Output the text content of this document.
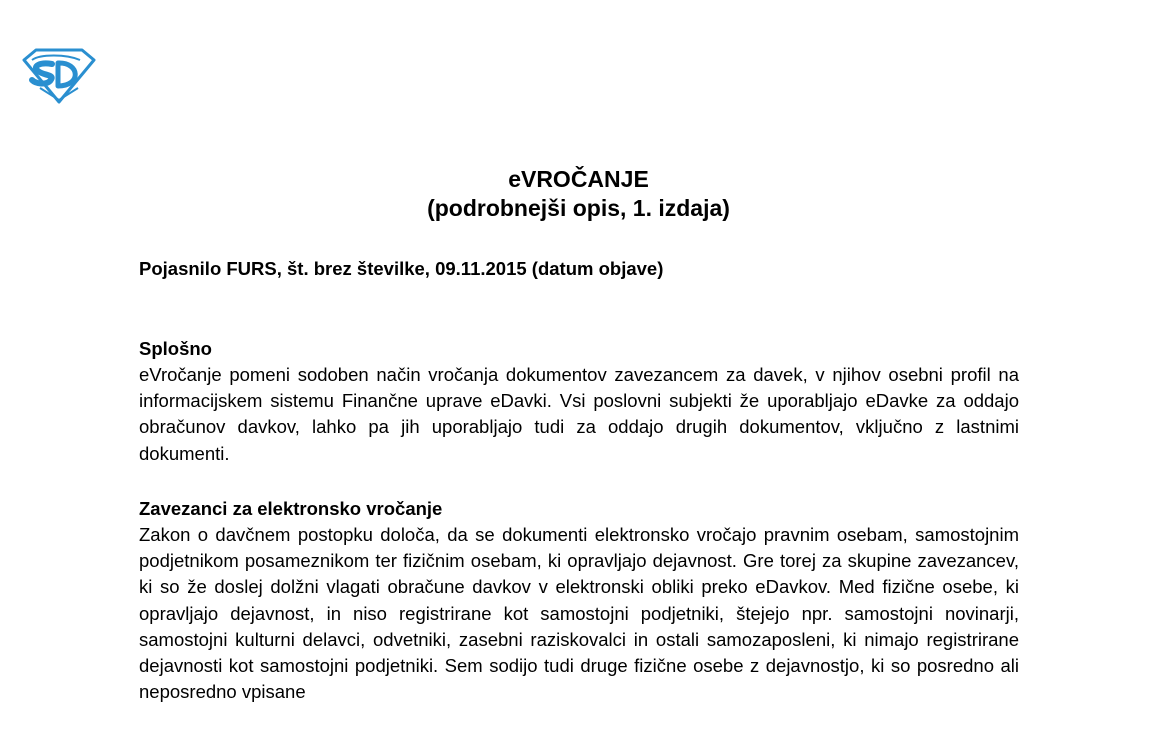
eVROČANJE
(podrobnejši opis, 1. izdaja)
Pojasnilo FURS, št. brez številke, 09.11.2015 (datum objave)
Splošno

eVročanje pomeni sodoben način vročanja dokumentov zavezancem za davek, v njihov osebni profil na informacijskem sistemu Finančne uprave eDavki. Vsi poslovni subjekti že uporabljajo eDavke za oddajo obračunov davkov, lahko pa jih uporabljajo tudi za oddajo drugih dokumentov, vključno z lastnimi dokumenti.

Zavezanci za elektronsko vročanje

Zakon o davčnem postopku določa, da se dokumenti elektronsko vročajo pravnim osebam, samostojnim podjetnikom posameznikom ter fizičnim osebam, ki opravljajo dejavnost. Gre torej za skupine zavezancev, ki so že doslej dolžni vlagati obračune davkov v elektronski obliki preko eDavkov. Med fizične osebe, ki opravljajo dejavnost, in niso registrirane kot samostojni podjetniki, štejejo npr. samostojni novinarji, samostojni kulturni delavci, odvetniki, zasebni raziskovalci in ostali samozaposleni, ki nimajo registrirane dejavnosti kot samostojni podjetniki. Sem sodijo tudi druge fizične osebe z dejavnostjo, ki so posredno ali neposredno vpisane
